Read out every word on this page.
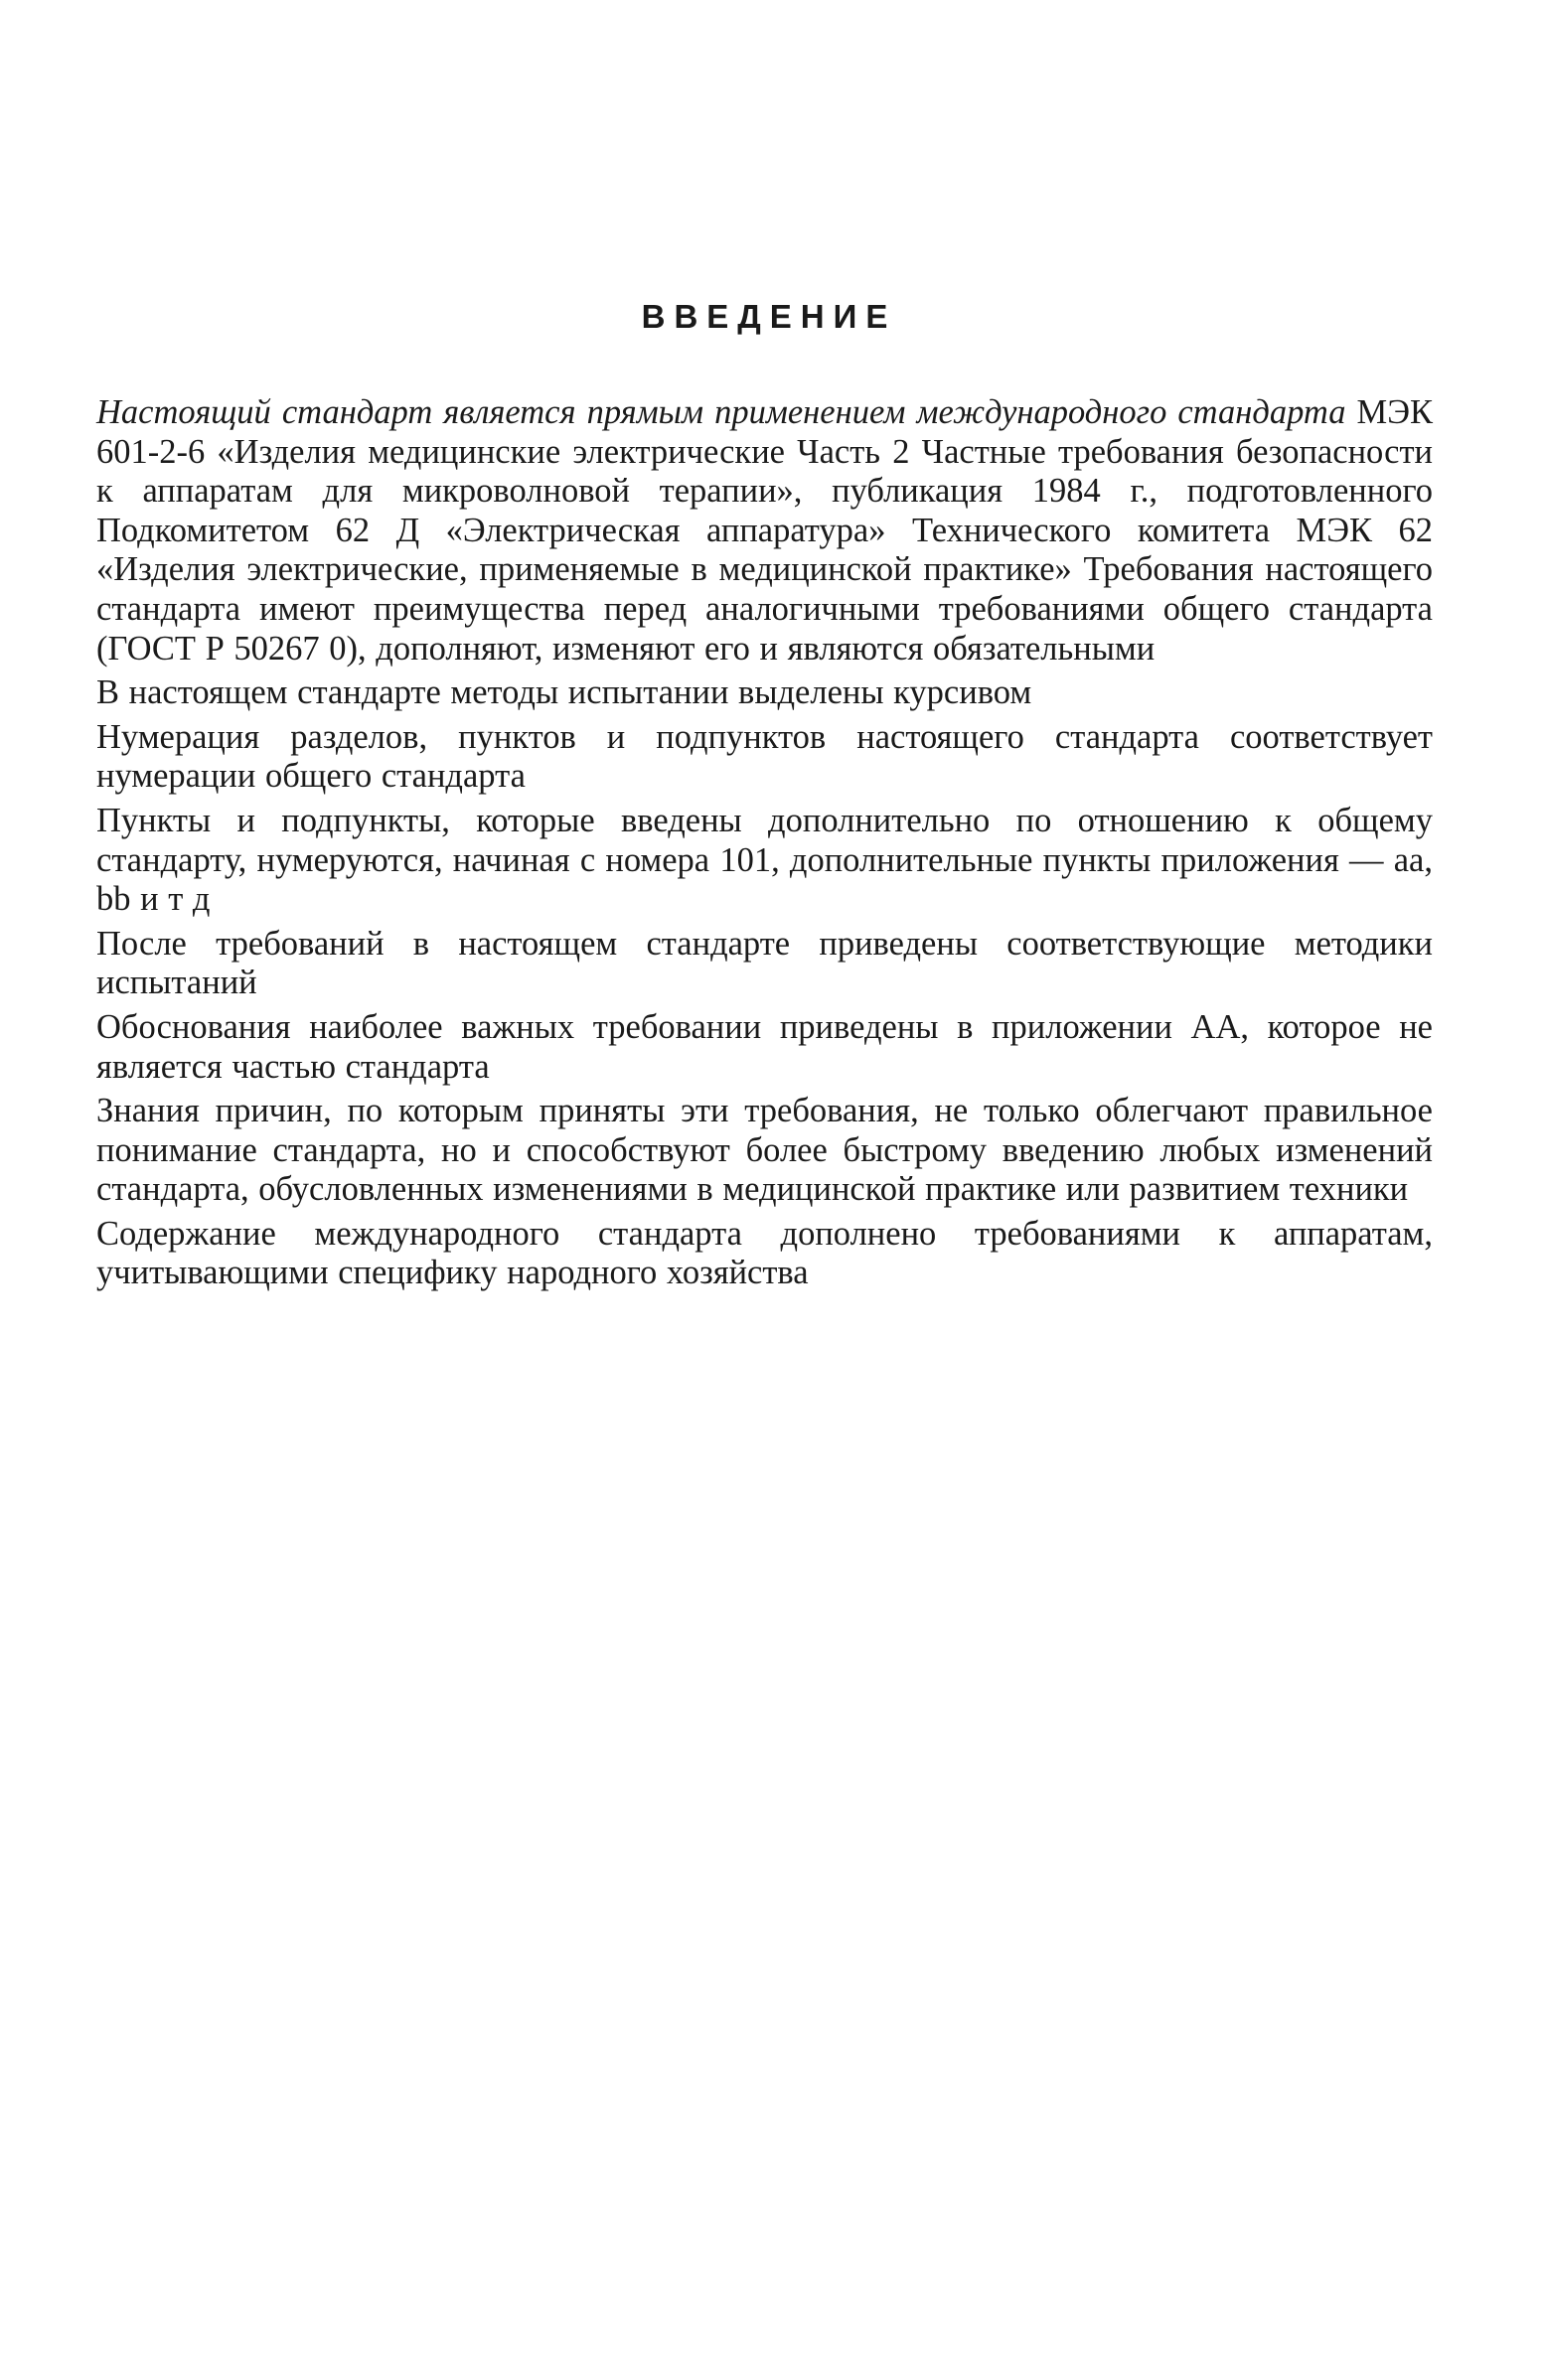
ВВЕДЕНИЕ

Настоящий стандарт является прямым применением международного стандарта МЭК 601-2-6 «Изделия медицинские электрические Часть 2 Частные требования безопасности к аппаратам для микроволновой терапии», публикация 1984 г., подготовленного Подкомитетом 62 Д «Электрическая аппаратура» Технического комитета МЭК 62 «Изделия электрические, применяемые в медицинской практике» Требования настоящего стандарта имеют преимущества перед аналогичными требованиями общего стандарта (ГОСТ Р 50267 0), дополняют, изменяют его и являются обязательными

В настоящем стандарте методы испытании выделены курсивом

Нумерация разделов, пунктов и подпунктов настоящего стандарта соответствует нумерации общего стандарта

Пункты и подпункты, которые введены дополнительно по отношению к общему стандарту, нумеруются, начиная с номера 101, дополнительные пункты приложения — aa, bb и т д

После требований в настоящем стандарте приведены соответствующие методики испытаний

Обоснования наиболее важных требовании приведены в приложении АА, которое не является частью стандарта

Знания причин, по которым приняты эти требования, не только облегчают правильное понимание стандарта, но и способствуют более быстрому введению любых изменений стандарта, обусловленных изменениями в медицинской практике или развитием техники

Содержание международного стандарта дополнено требованиями к аппаратам, учитывающими специфику народного хозяйства
